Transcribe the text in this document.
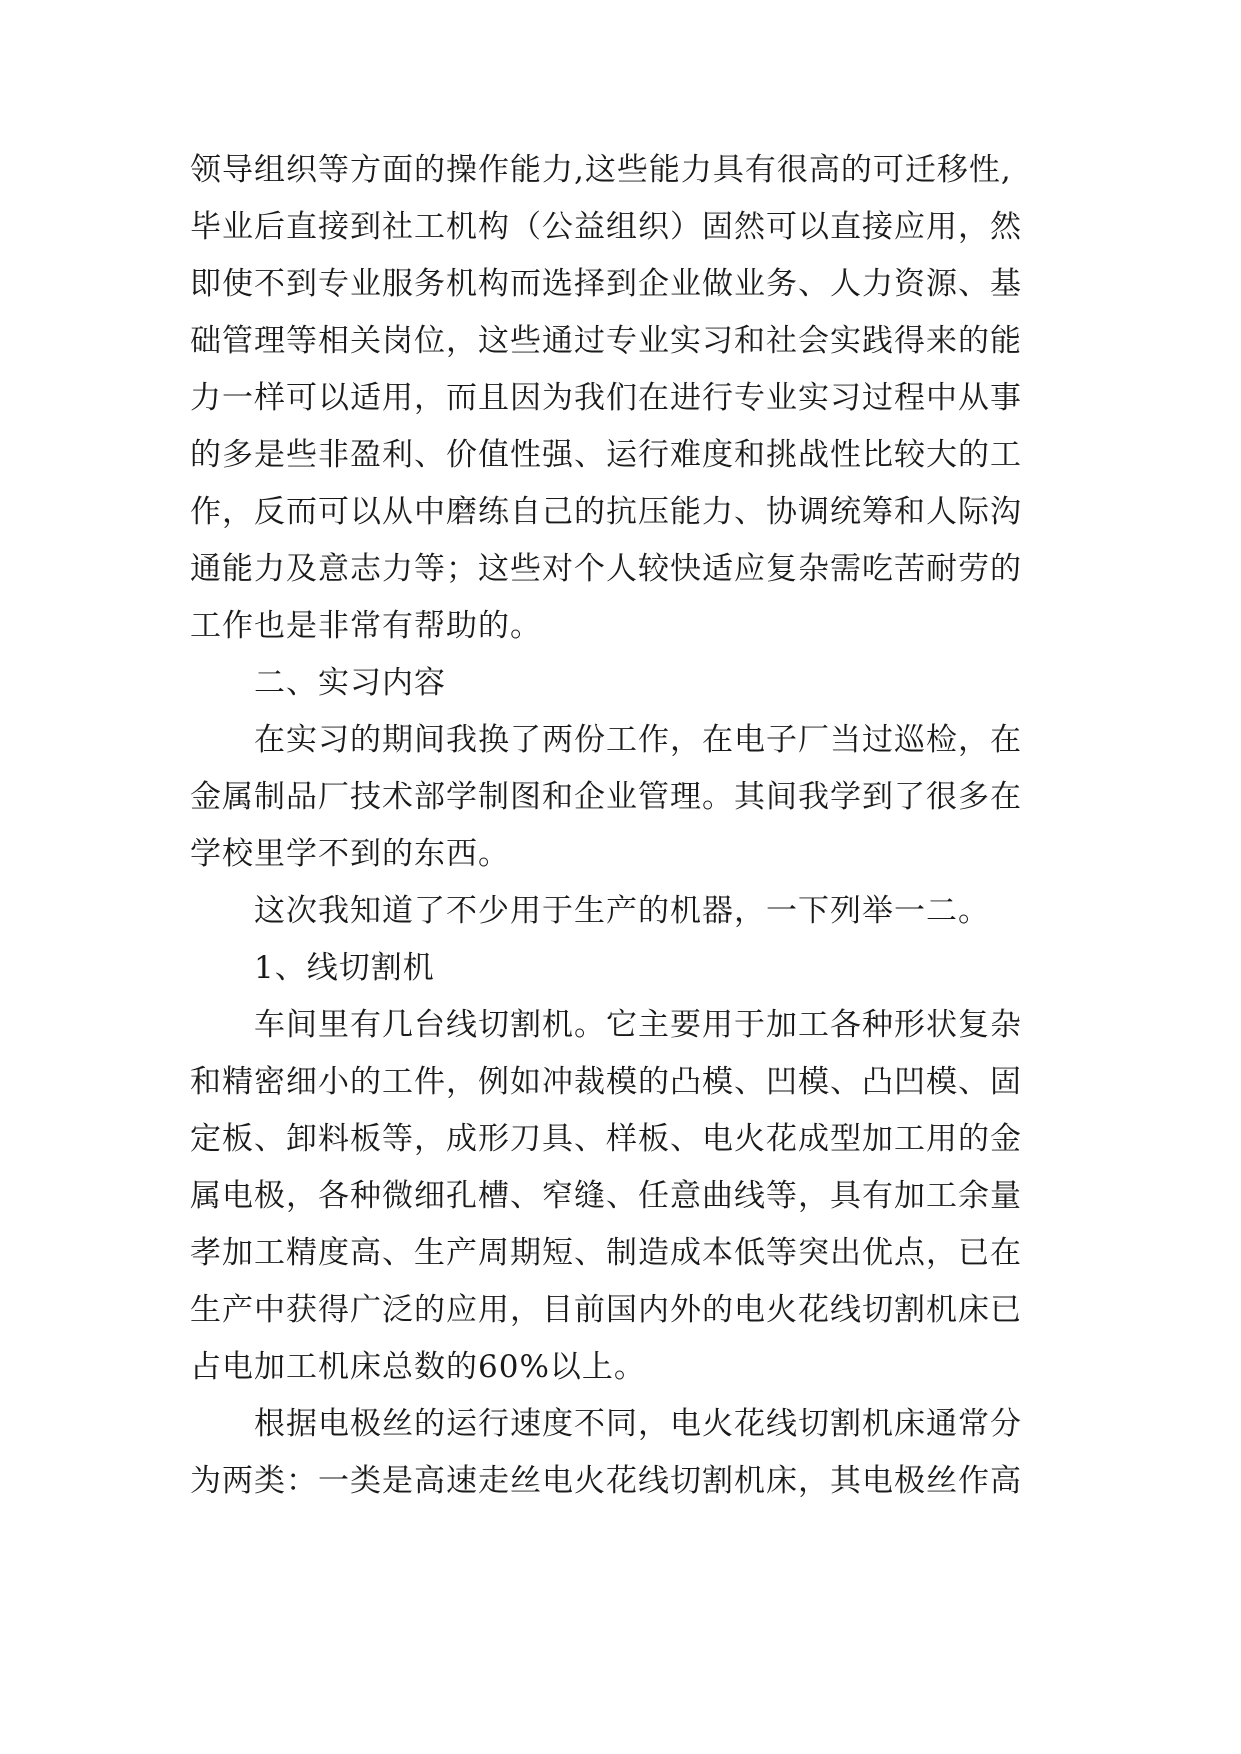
领导组织等方面的操作能力,这些能力具有很高的可迁移性,
毕业后直接到社工机构（公益组织）固然可以直接应用，然
即使不到专业服务机构而选择到企业做业务、人力资源、基
础管理等相关岗位，这些通过专业实习和社会实践得来的能
力一样可以适用，而且因为我们在进行专业实习过程中从事
的多是些非盈利、价值性强、运行难度和挑战性比较大的工
作，反而可以从中磨练自己的抗压能力、协调统筹和人际沟
通能力及意志力等；这些对个人较快适应复杂需吃苦耐劳的
工作也是非常有帮助的。
二、实习内容
在实习的期间我换了两份工作，在电子厂当过巡检，在
金属制品厂技术部学制图和企业管理。其间我学到了很多在
学校里学不到的东西。
这次我知道了不少用于生产的机器，一下列举一二。
1、线切割机
车间里有几台线切割机。它主要用于加工各种形状复杂
和精密细小的工件，例如冲裁模的凸模、凹模、凸凹模、固
定板、卸料板等，成形刀具、样板、电火花成型加工用的金
属电极，各种微细孔槽、窄缝、任意曲线等，具有加工余量
孝加工精度高、生产周期短、制造成本低等突出优点，已在
生产中获得广泛的应用，目前国内外的电火花线切割机床已
占电加工机床总数的60%以上。
根据电极丝的运行速度不同，电火花线切割机床通常分
为两类：一类是高速走丝电火花线切割机床，其电极丝作高
